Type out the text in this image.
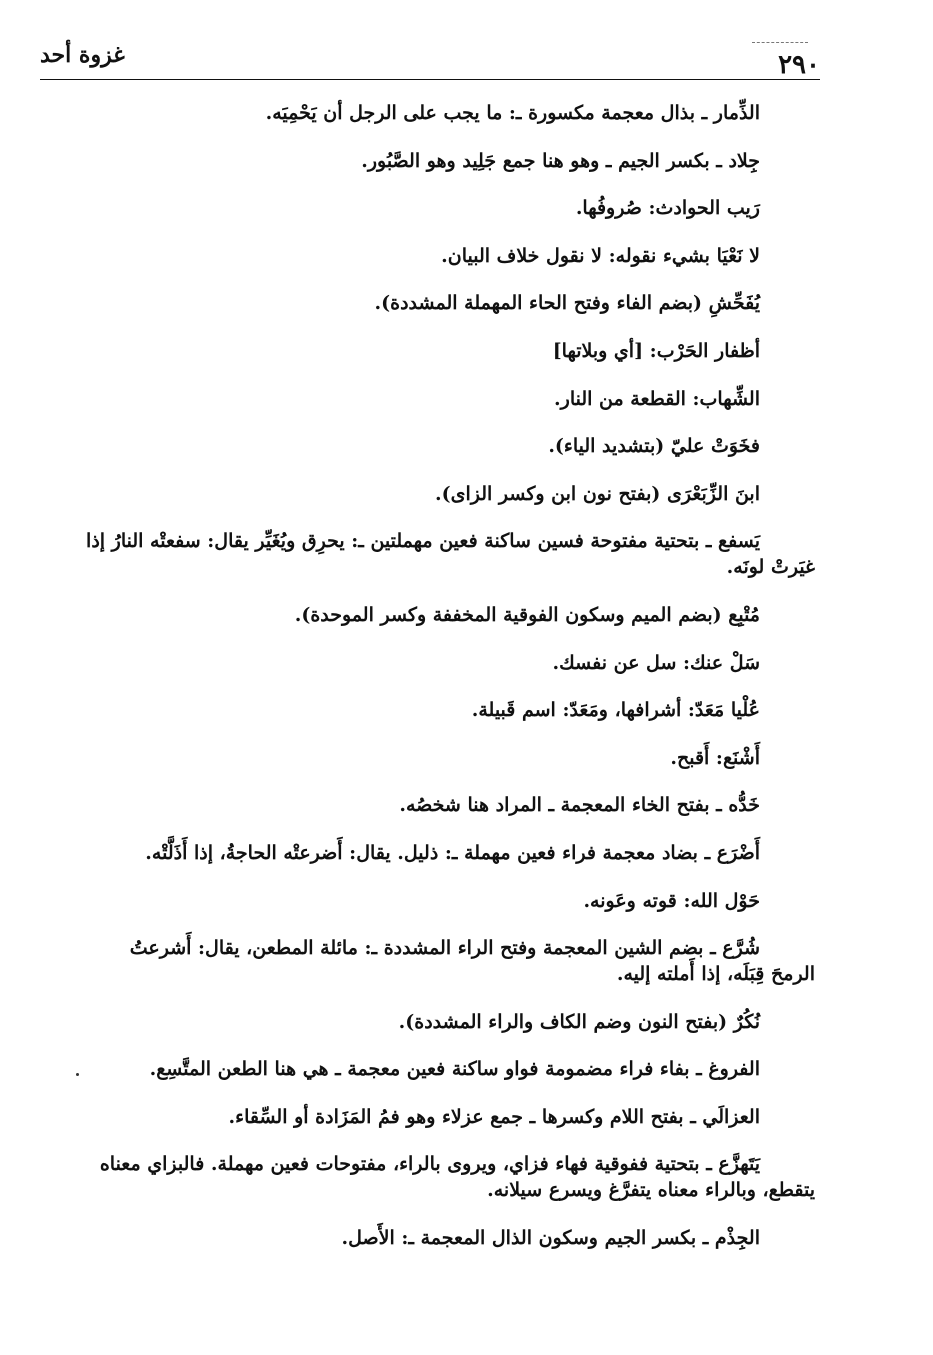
٢٩٠
غزوة أحد
الذِّمار ـ بذال معجمة مكسورة ـ: ما يجب على الرجل أن يَحْمِيَه.
جِلاد ـ بكسر الجيم ـ وهو هنا جمع جَلِيد وهو الصَّبُور.
رَيب الحوادث: صُروفُها.
لا نَعْيَا بشيء نقوله: لا نقول خلاف البيان.
يُفَحِّشِ (بضم الفاء وفتح الحاء المهملة المشددة).
أظفار الحَرْب: [أي وبلاتها]
الشِّهاب: القطعة من النار.
فخَوَتْ عليّ (بتشديد الياء).
ابنَ الزِّبَعْرَى (بفتح نون ابن وكسر الزاى).
يَسفع ـ بتحتية مفتوحة فسين ساكنة فعين مهملتين ـ: يحرِق ويُغَيِّر يقال: سفعتْه النارُ إذا
غيَرتْ لونَه.
مُتْبِع (بضم الميم وسكون الفوقية المخففة وكسر الموحدة).
سَلْ عنك: سل عن نفسك.
عُلْيا مَعَدّ: أشرافها، ومَعَدّ: اسم قَبيلة.
أَشْنَع: أَقبح.
خَدُّه ـ بفتح الخاء المعجمة ـ المراد هنا شخصُه.
أَضْرَع ـ بضاد معجمة فراء فعين مهملة ـ: ذليل. يقال: أَضرعتْه الحاجةُ، إذا أَذَلَّتْه.
حَوْل الله: قوته وعَونه.
شُرَّع ـ بضم الشين المعجمة وفتح الراء المشددة ـ: مائلة المطعن، يقال: أَشرعتُ
الرمحَ قِبَلَه، إذا أَملته إليه.
نُكُرٌ (بفتح النون وضم الكاف والراء المشددة).
الفروغ ـ بفاء فراء مضمومة فواو ساكنة فعين معجمة ـ هي هنا الطعن المتَّسِع.
العزالَي ـ بفتح اللام وكسرها ـ جمع عزلاء وهو فمُ المَزَادة أو السِّقاء.
يَتَهزَّع ـ بتحتية ففوقية فهاء فزاي، ويروى بالراء، مفتوحات فعين مهملة. فالبزاي معناه
يتقطع، وبالراء معناه يتفرَّغ ويسرع سيلانه.
الجِذْم ـ بكسر الجيم وسكون الذال المعجمة ـ: الأَصل.
